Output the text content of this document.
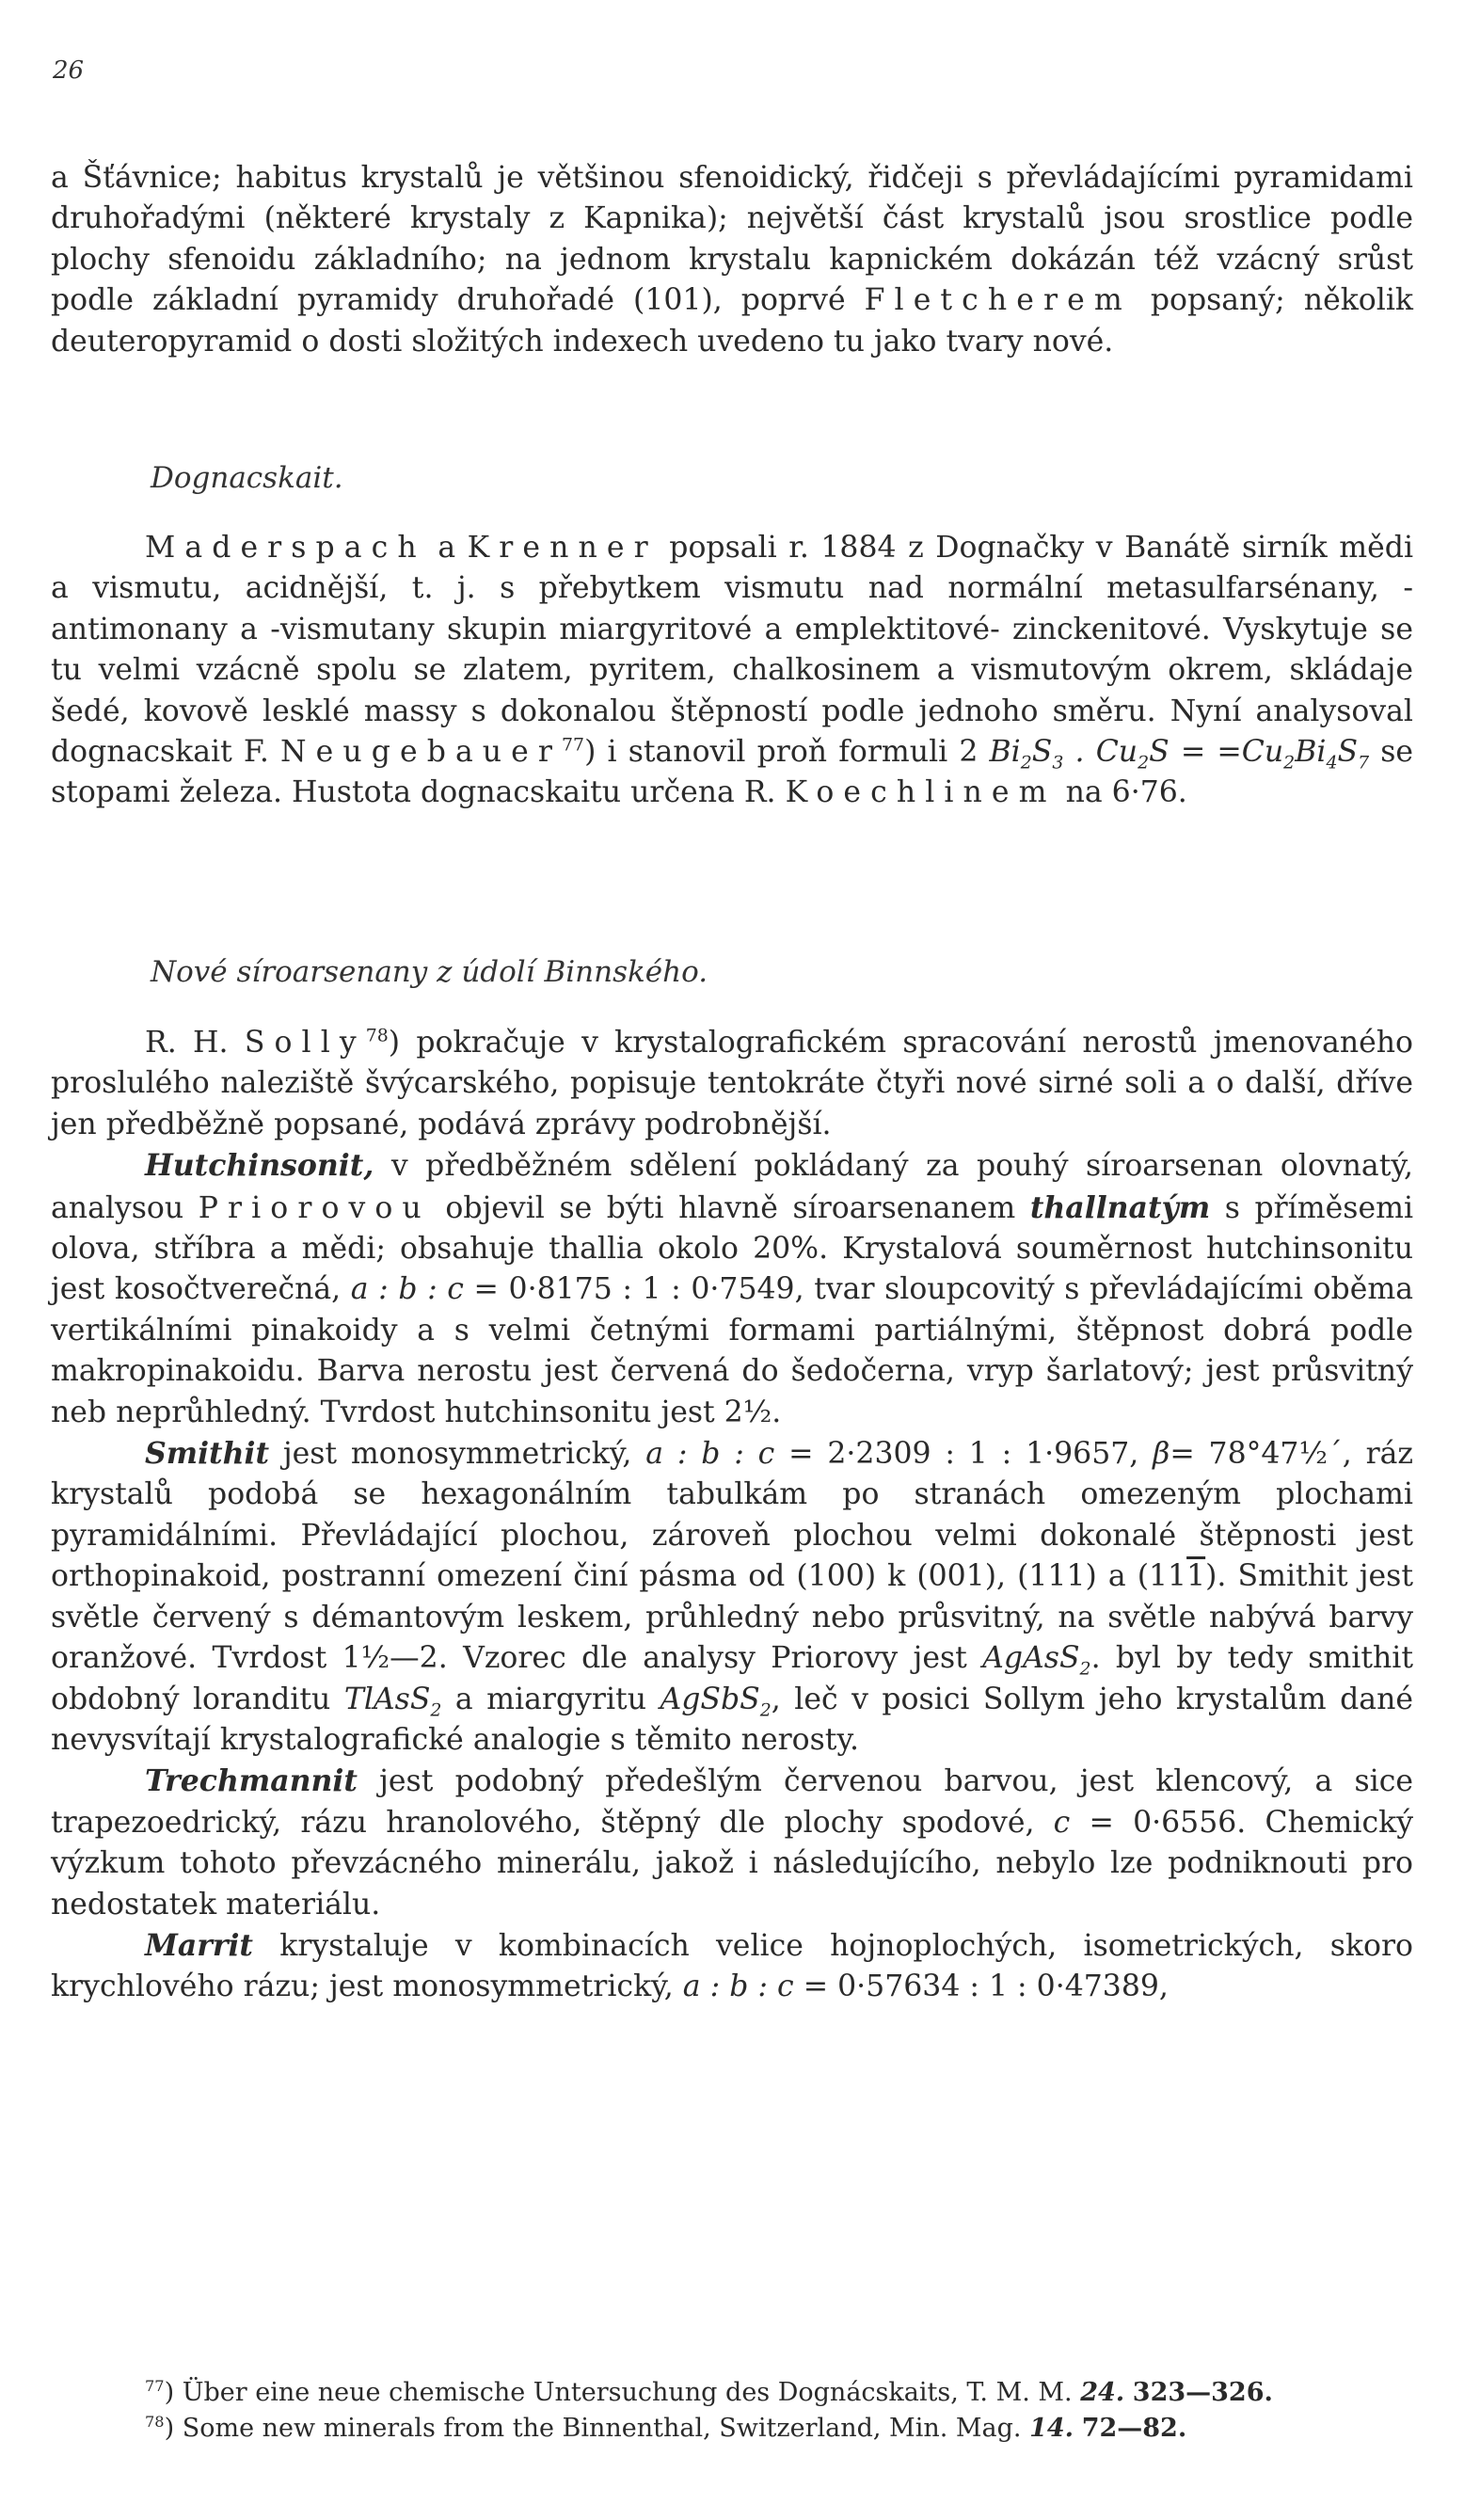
26

a Šťávnice; habitus krystalů je většinou sfenoidický, řidčeji s převládajícími pyramidami druhořadými (některé krystaly z Kapnika); největší část krystalů jsou srostlice podle plochy sfenoidu základního; na jednom krystalu kapnickém dokázán též vzácný srůst podle základní pyramidy druhořadé (101), poprvé Fletcherem popsaný; několik deuteropyramid o dosti složitých indexech uvedeno tu jako tvary nové.

Dognacskait.

Maderspach a Krenner popsali r. 1884 z Dognačky v Banátě sirník mědi a vismutu, acidnější, t. j. s přebytkem vismutu nad normální metasulfarsénany, -antimonany a -vismutany skupin miargyritové a emplektitové- zinckenitové. Vyskytuje se tu velmi vzácně spolu se zlatem, pyritem, chalkosinem a vismutovým okrem, skládaje šedé, kovově lesklé massy s dokonalou štěpností podle jednoho směru. Nyní analysoval dognacskait F. Neugebauer$^{77}$) i stanovil proň formuli 2 $Bi_2S_3$ . $Cu_2S = =Cu_2Bi_4S_7$ se stopami železa. Hustota dognacskaitu určena R. Koechlinem na 6·76.

Nové síroarsenany z údolí Binnského.

R. H. Solly$^{78}$) pokračuje v krystalografickém spracování nerostů jmenovaného proslulého naleziště švýcarského, popisuje tentokráte čtyři nové sirné soli a o další, dříve jen předběžně popsané, podává zprávy podrobnější.

Hutchinsonit, v předběžném sdělení pokládaný za pouhý síroarsenan olovnatý, analysou Priorovou objevil se býti hlavně síroarsenanem thallnatým s příměsemi olova, stříbra a mědi; obsahuje thallia okolo 20%. Krystalová souměrnost hutchinsonitu jest kosočtverečná, a : b : c = 0·8175 : 1 : 0·7549, tvar sloupcovitý s převládajícími oběma vertikálními pinakoidy a s velmi četnými formami partiálnými, štěpnost dobrá podle makropinakoidu. Barva nerostu jest červená do šedočerna, vryp šarlatový; jest průsvitný neb neprůhledný. Tvrdost hutchinsonitu jest 2½.

Smithit jest monosymmetrický, a : b : c = 2·2309 : 1 : 1·9657, β= 78°47½´, ráz krystalů podobá se hexagonálním tabulkám po stranách omezeným plochami pyramidálními. Převládající plochou, zároveň plochou velmi dokonalé štěpnosti jest orthopinakoid, postranní omezení činí pásma od (100) k (001), (111) a (111). Smithit jest světle červený s démantovým leskem, průhledný nebo průsvitný, na světle nabývá barvy oranžové. Tvrdost 1½—2. Vzorec dle analysy Priorovy jest AgAsS$_2$. byl by tedy smithit obdobný loranditu TlAsS$_2$ a miargyritu AgSbS$_2$, leč v posici Sollym jeho krystalům dané nevysvítají krystalografické analogie s těmito nerosty.

Trechmannit jest podobný předešlým červenou barvou, jest klencový, a sice trapezoedrický, rázu hranolového, štěpný dle plochy spodové, c = 0·6556. Chemický výzkum tohoto převzácného minerálu, jakož i následujícího, nebylo lze podniknouti pro nedostatek materiálu.

Marrit krystaluje v kombinacích velice hojnoplochých, isometrických, skoro krychlového rázu; jest monosymmetrický, a : b : c = 0·57634 : 1 : 0·47389,

$^{77}$) Über eine neue chemische Untersuchung des Dognácskaits, T. M. M. 24. 323—326.

$^{78}$) Some new minerals from the Binnenthal, Switzerland, Min. Mag. 14. 72—82.
